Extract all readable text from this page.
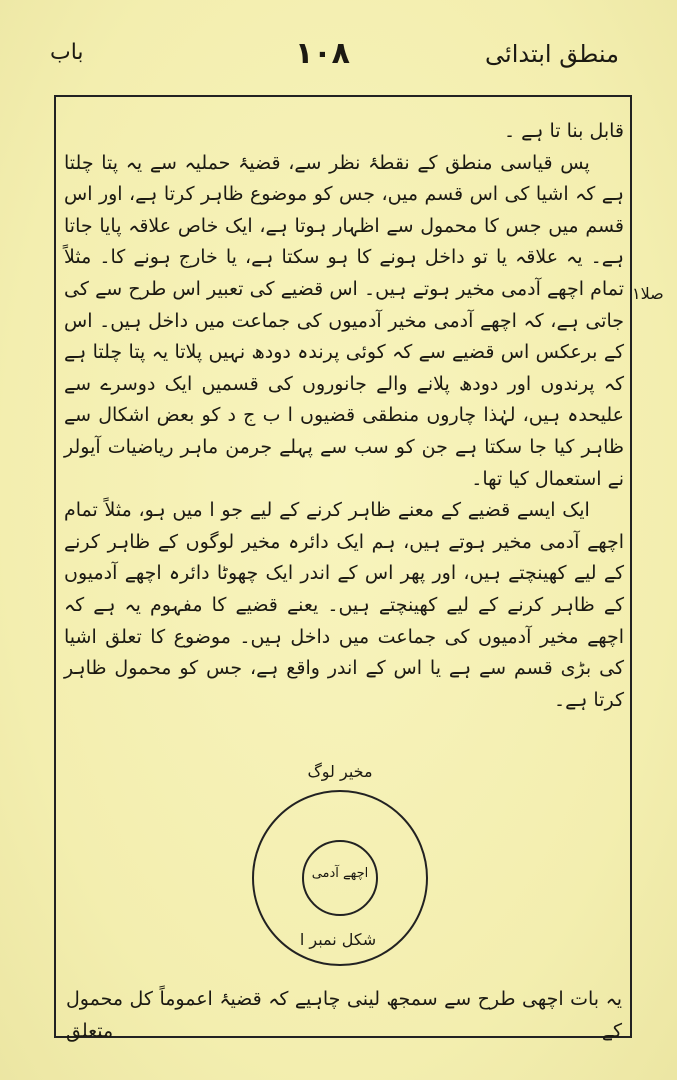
منطق ابتدائی
١٠٨
باب
صلا۱

قابل بنا تا ہے ۔

پس قیاسی منطق کے نقطۂ نظر سے، قضیۂ حملیہ سے یہ پتا چلتا ہے کہ اشیا کی اس قسم میں، جس کو موضوع ظاہر کرتا ہے، اور اس قسم میں جس کا محمول سے اظہار ہوتا ہے، ایک خاص علاقہ پایا جاتا ہے۔ یہ علاقہ یا تو داخل ہونے کا ہو سکتا ہے، یا خارج ہونے کا۔ مثلاً تمام اچھے آدمی مخیر ہوتے ہیں۔ اس قضیے کی تعبیر اس طرح سے کی جاتی ہے، کہ اچھے آدمی مخیر آدمیوں کی جماعت میں داخل ہیں۔ اس کے برعکس اس قضیے سے کہ کوئی پرندہ دودھ نہیں پلاتا یہ پتا چلتا ہے کہ پرندوں اور دودھ پلانے والے جانوروں کی قسمیں ایک دوسرے سے علیحدہ ہیں، لہٰذا چاروں منطقی قضیوں ا ب ج د کو بعض اشکال سے ظاہر کیا جا سکتا ہے جن کو سب سے پہلے جرمن ماہر ریاضیات آیولر نے استعمال کیا تھا۔

ایک ایسے قضیے کے معنے ظاہر کرنے کے لیے جو ا میں ہو، مثلاً تمام اچھے آدمی مخیر ہوتے ہیں، ہم ایک دائرہ مخیر لوگوں کے ظاہر کرنے کے لیے کھینچتے ہیں، اور پھر اس کے اندر ایک چھوٹا دائرہ اچھے آدمیوں کے ظاہر کرنے کے لیے کھینچتے ہیں۔ یعنے قضیے کا مفہوم یہ ہے کہ اچھے مخیر آدمیوں کی جماعت میں داخل ہیں۔ موضوع کا تعلق اشیا کی بڑی قسم سے ہے یا اس کے اندر واقع ہے، جس کو محمول ظاہر کرتا ہے۔

مخیر لوگ
اچھے آدمی
شکل نمبر ا
یہ بات اچھی طرح سے سمجھ لینی چاہیے کہ قضیۂ اعموماً کل محمول کے متعلق
